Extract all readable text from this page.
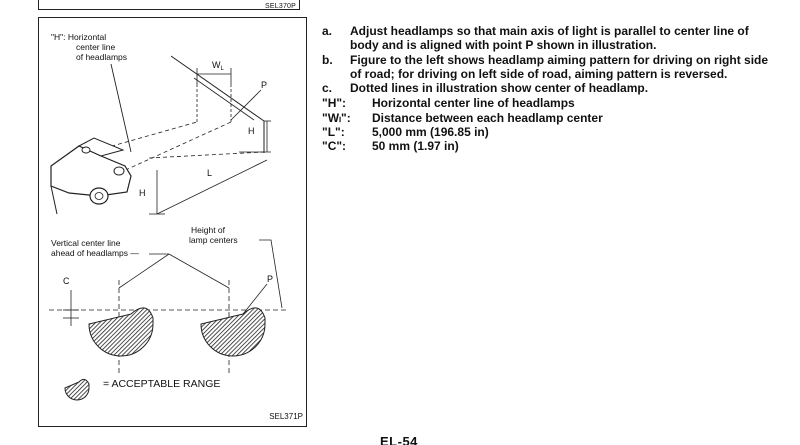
SEL370P
"H": Horizontal center line of headlamps
$W_L$
P
H
H
L
Height of lamp centers
Vertical center line ahead of headlamps —
C	P
= ACCEPTABLE RANGE
SEL371P
a.	Adjust headlamps so that main axis of light is parallel to center line of body and is aligned with point P shown in illustration.
b.	Figure to the left shows headlamp aiming pattern for driving on right side of road; for driving on left side of road, aiming pattern is reversed.
c.	Dotted lines in illustration show center of headlamp.
"H":	Horizontal center line of headlamps
"Wₗ":	Distance between each headlamp center
"L":	5,000 mm (196.85 in)
"C":	50 mm (1.97 in)
EL-54
